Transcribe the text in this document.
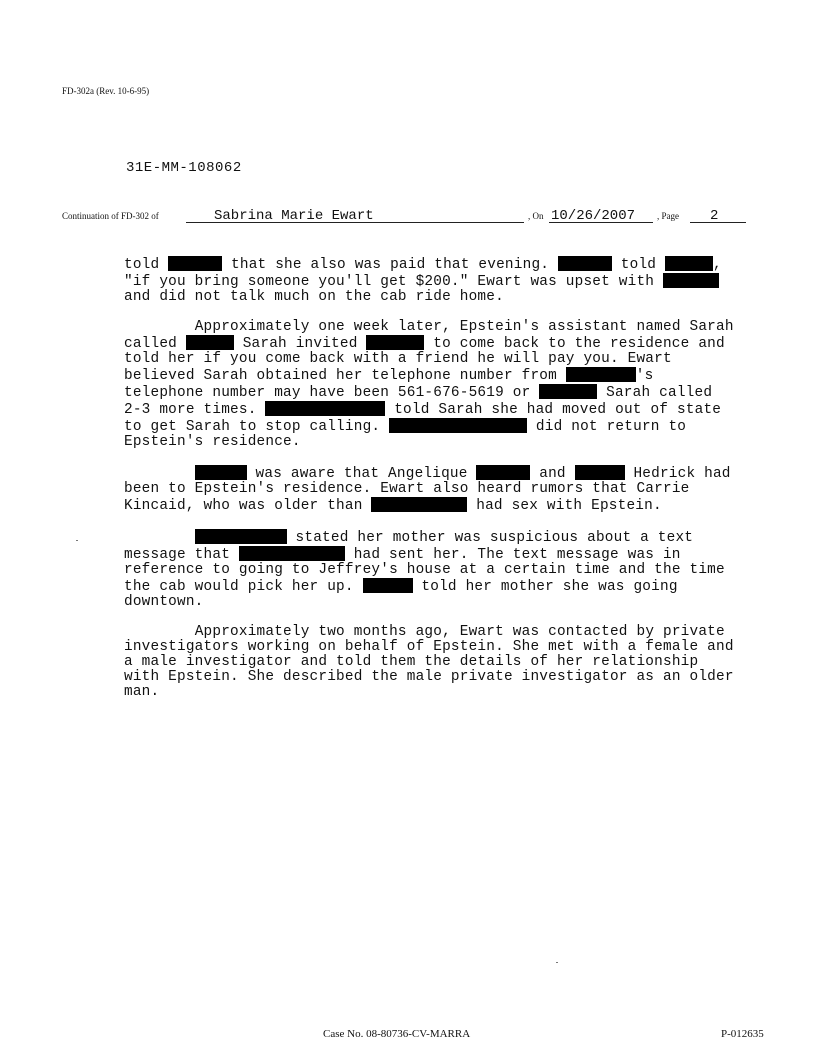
FD-302a (Rev. 10-6-95)
31E-MM-108062
Continuation of FD-302 of	Sabrina Marie Ewart	, On 10/26/2007 , Page 2

told	that she also was paid that evening.	told	, "if you bring someone you'll get $200." Ewart was upset with	and did not talk much on the cab ride home.

Approximately one week later, Epstein's assistant named Sarah called	Sarah invited	to come back to the residence and told her if you come back with a friend he will pay you. Ewart believed Sarah obtained her telephone number from	's telephone number may have been 561-676-5619 or	Sarah called 2-3 more times.	told Sarah she had moved out of state to get Sarah to stop calling.	did not return to Epstein's residence.

was aware that Angelique	and	Hedrick had been to Epstein's residence. Ewart also heard rumors that Carrie Kincaid, who was older than	had sex with Epstein.

stated her mother was suspicious about a text message that	had sent her. The text message was in reference to going to Jeffrey's house at a certain time and the time the cab would pick her up.	told her mother she was going downtown.

Approximately two months ago, Ewart was contacted by private investigators working on behalf of Epstein. She met with a female and a male investigator and told them the details of her relationship with Epstein. She described the male private investigator as an older man.

Case No. 08-80736-CV-MARRA	P-012635
